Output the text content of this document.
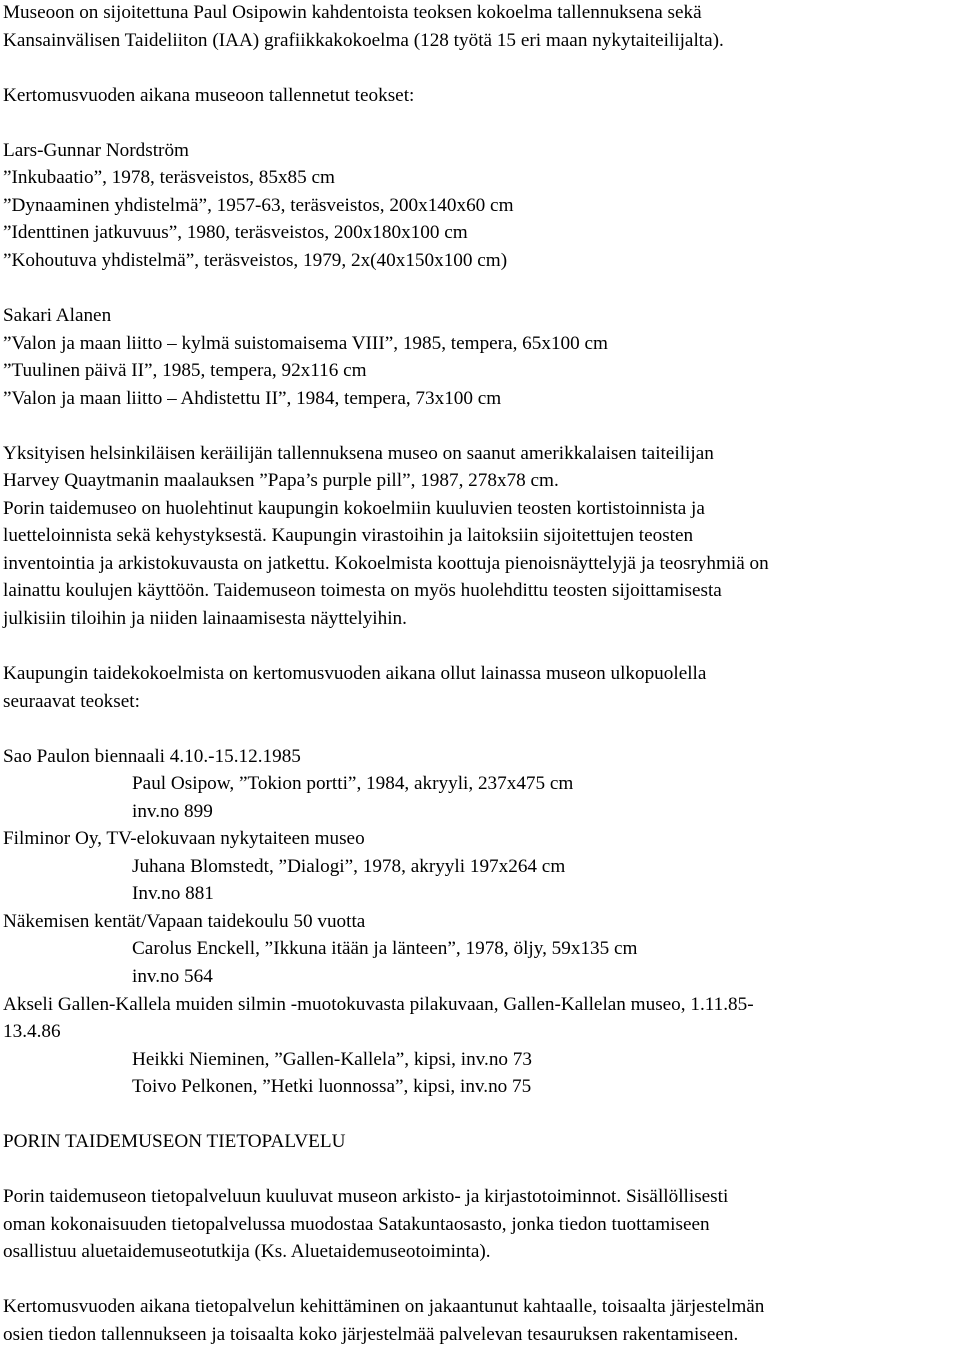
Museoon on sijoitettuna Paul Osipowin kahdentoista teoksen kokoelma tallennuksena sekä
Kansainvälisen Taideliiton (IAA) grafiikkakokoelma (128 työtä 15 eri maan nykytaiteilijalta).
Kertomusvuoden aikana museoon tallennetut teokset:
Lars-Gunnar Nordström
”Inkubaatio”, 1978, teräsveistos, 85x85 cm
”Dynaaminen yhdistelmä”, 1957-63, teräsveistos, 200x140x60 cm
”Identtinen jatkuvuus”, 1980, teräsveistos, 200x180x100 cm
”Kohoutuva yhdistelmä”, teräsveistos, 1979, 2x(40x150x100 cm)
Sakari Alanen
”Valon ja maan liitto – kylmä suistomaisema VIII”, 1985, tempera, 65x100 cm
”Tuulinen päivä II”, 1985, tempera, 92x116 cm
”Valon ja maan liitto – Ahdistettu II”, 1984, tempera, 73x100 cm
Yksityisen helsinkiläisen keräilijän tallennuksena museo on saanut amerikkalaisen taiteilijan
Harvey Quaytmanin maalauksen ”Papa’s purple pill”, 1987, 278x78 cm.
Porin taidemuseo on huolehtinut kaupungin kokoelmiin kuuluvien teosten kortistoinnista ja
luetteloinnista sekä kehystyksestä. Kaupungin virastoihin ja laitoksiin sijoitettujen teosten
inventointia ja arkistokuvausta on jatkettu. Kokoelmista koottuja pienoisnäyttelyjä ja teosryhmiä on
lainattu koulujen käyttöön. Taidemuseon toimesta on myös huolehdittu teosten sijoittamisesta
julkisiin tiloihin ja niiden lainaamisesta näyttelyihin.
Kaupungin taidekokoelmista on kertomusvuoden aikana ollut lainassa museon ulkopuolella
seuraavat teokset:
Sao Paulon biennaali 4.10.-15.12.1985
Paul Osipow, ”Tokion portti”, 1984, akryyli, 237x475 cm
inv.no 899
Filminor Oy, TV-elokuvaan nykytaiteen museo
Juhana Blomstedt, ”Dialogi”, 1978, akryyli 197x264 cm
Inv.no 881
Näkemisen kentät/Vapaan taidekoulu 50 vuotta
Carolus Enckell, ”Ikkuna itään ja länteen”, 1978, öljy, 59x135 cm
inv.no 564
Akseli Gallen-Kallela muiden silmin -muotokuvasta pilakuvaan, Gallen-Kallelan museo, 1.11.85-
13.4.86
Heikki Nieminen, ”Gallen-Kallela”, kipsi, inv.no 73
Toivo Pelkonen, ”Hetki luonnossa”, kipsi, inv.no 75
PORIN TAIDEMUSEON TIETOPALVELU
Porin taidemuseon tietopalveluun kuuluvat museon arkisto- ja kirjastotoiminnot. Sisällöllisesti
oman kokonaisuuden tietopalvelussa muodostaa Satakuntaosasto, jonka tiedon tuottamiseen
osallistuu aluetaidemuseotutkija (Ks. Aluetaidemuseotoiminta).
Kertomusvuoden aikana tietopalvelun kehittäminen on jakaantunut kahtaalle, toisaalta järjestelmän
osien tiedon tallennukseen ja toisaalta koko järjestelmää palvelevan tesauruksen rakentamiseen.
